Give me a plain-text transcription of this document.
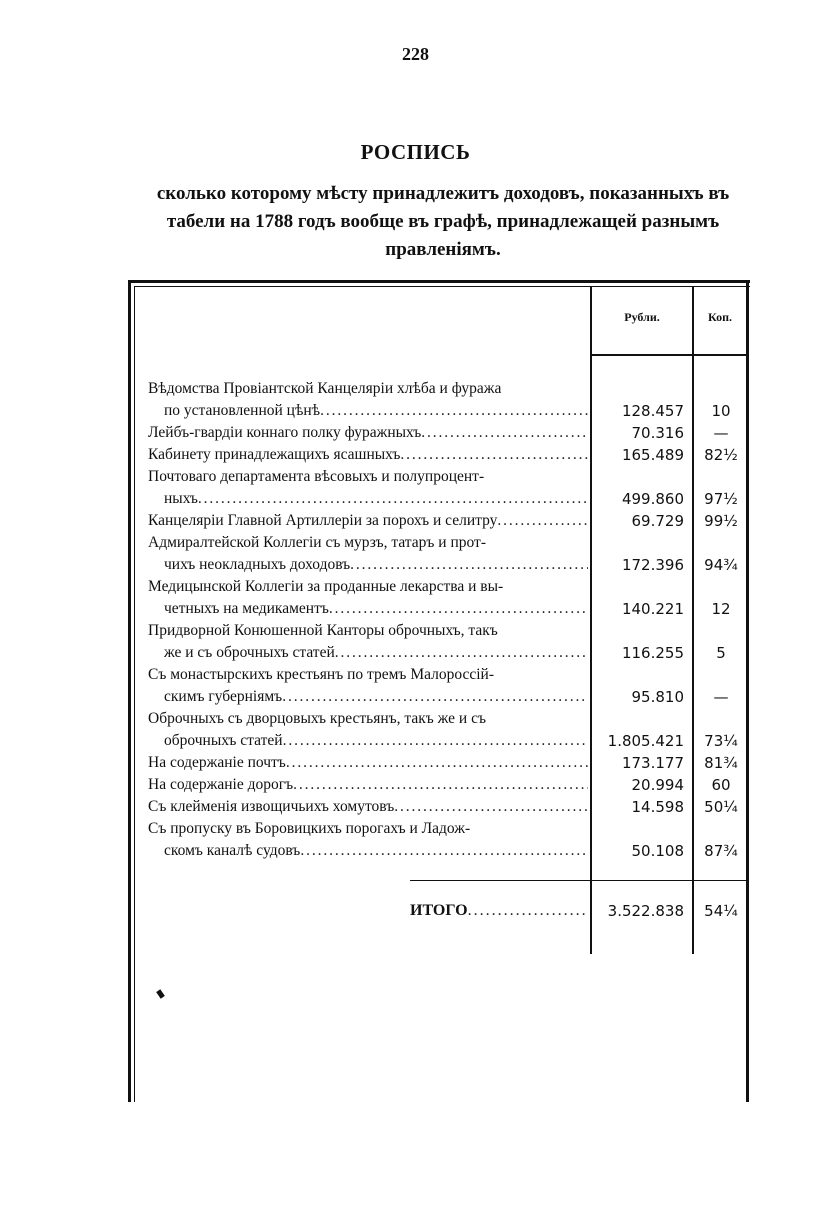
228
РОСПИСЬ
сколько которому мѣсту принадлежитъ доходовъ, показанныхъ въ табели на 1788 годъ вообще въ графѣ, принадлежащей разнымъ правленіямъ.
Рубли.	Коп.
Вѣдомства Провіантской Канцеляріи хлѣба и фуража
по установленной цѣнѣ . . .	128.457	10
Лейбъ-гвардіи коннаго полку фуражныхъ . . .	70.316	—
Кабинету принадлежащихъ ясашныхъ . . .	165.489	82½
Почтоваго департамента вѣсовыхъ и полупроцент-
ныхъ . . .	499.860	97½
Канцеляріи Главной Артиллеріи за порохъ и селитру . . .	69.729	99½
Адмиралтейской Коллегіи съ мурзъ, татаръ и прот-
чихъ неокладныхъ доходовъ . . .	172.396	94¾
Медицынской Коллегіи за проданные лекарства и вы-
четныхъ на медикаментъ . . .	140.221	12
Придворной Конюшенной Канторы оброчныхъ, такъ
же и съ оброчныхъ статей . . .	116.255	5
Съ монастырскихъ крестьянъ по тремъ Малороссій-
скимъ губерніямъ . . .	95.810	—
Оброчныхъ съ дворцовыхъ крестьянъ, такъ же и съ
оброчныхъ статей . . .	1.805.421	73¼
На содержаніе почтъ . . .	173.177	81¾
На содержаніе дорогъ . . .	20.994	60
Съ клейменія извощичьихъ хомутовъ . . .	14.598	50¼
Съ пропуску въ Боровицкихъ порогахъ и Ладож-
скомъ каналѣ судовъ . . .	50.108	87¾
ИТОГО . . .	3.522.838	54¼
